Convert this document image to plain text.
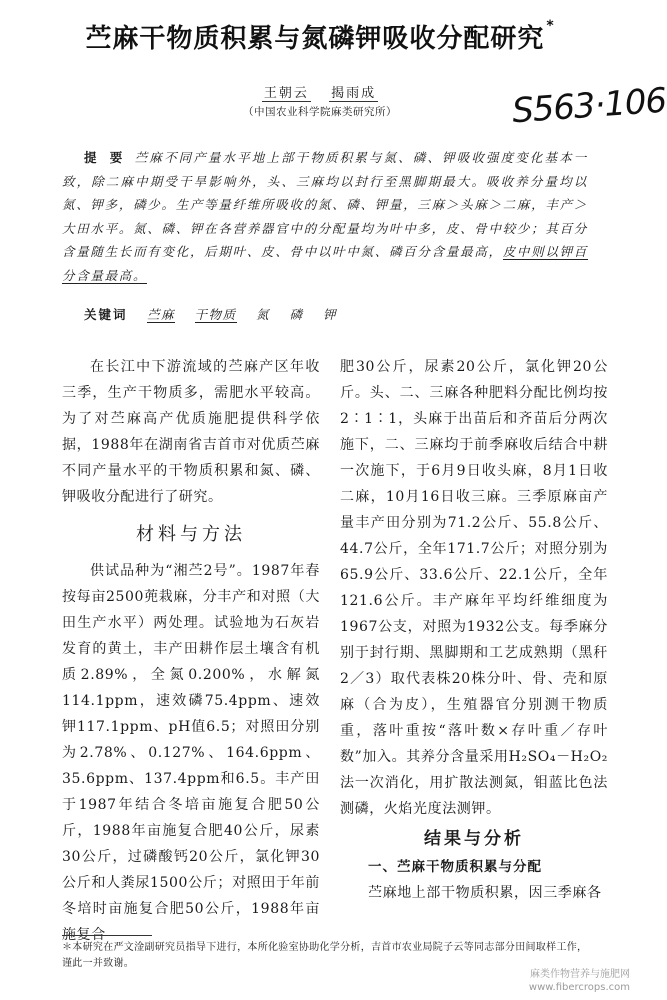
苎麻干物质积累与氮磷钾吸收分配研究 *
王朝云 揭雨成
（中国农业科学院麻类研究所）	S563·106
提 要 苎麻不同产量水平地上部干物质积累与氮、磷、钾吸收强度变化基本一致，除二麻中期受干旱影响外，头、三麻均以封行至黑脚期最大。吸收养分量均以氮、钾多，磷少。生产等量纤维所吸收的氮、磷、钾量，三麻＞头麻＞二麻，丰产＞大田水平。氮、磷、钾在各营养器官中的分配量均为叶中多，皮、骨中较少；其百分含量随生长而有变化，后期叶、皮、骨中以叶中氮、磷百分含量最高，皮中则以钾百分含量最高。
关键词 苎麻 干物质 氮 磷 钾

在长江中下游流域的苎麻产区年收三季，生产干物质多，需肥水平较高。为了对苎麻高产优质施肥提供科学依据，1988年在湖南省吉首市对优质苎麻不同产量水平的干物质积累和氮、磷、钾吸收分配进行了研究。

材料与方法

供试品种为“湘苎2号”。1987年春按每亩2500蔸栽麻，分丰产和对照（大田生产水平）两处理。试验地为石灰岩发育的黄土，丰产田耕作层土壤含有机质2.89%，全氮0.200%，水解氮114.1ppm，速效磷75.4ppm、速效钾117.1ppm、pH值6.5；对照田分别为2.78%、0.127%、164.6ppm、35.6ppm、137.4ppm和6.5。丰产田于1987年结合冬培亩施复合肥50公斤，1988年亩施复合肥40公斤，尿素30公斤，过磷酸钙20公斤，氯化钾30公斤和人粪尿1500公斤；对照田于年前冬培时亩施复合肥50公斤，1988年亩施复合

肥30公斤，尿素20公斤，氯化钾20公斤。头、二、三麻各种肥料分配比例均按2∶1∶1，头麻于出苗后和齐苗后分两次施下，二、三麻均于前季麻收后结合中耕一次施下，于6月9日收头麻，8月1日收二麻，10月16日收三麻。三季原麻亩产量丰产田分别为71.2公斤、55.8公斤、44.7公斤，全年171.7公斤；对照分别为65.9公斤、33.6公斤、22.1公斤，全年121.6公斤。丰产麻年平均纤维细度为1967公支，对照为1932公支。每季麻分别于封行期、黑脚期和工艺成熟期（黑秆2／3）取代表株20株分叶、骨、壳和原麻（合为皮），生殖器官分别测干物质重，落叶重按“落叶数×存叶重／存叶数”加入。其养分含量采用H₂SO₄－H₂O₂法一次消化，用扩散法测氮，钼蓝比色法测磷，火焰光度法测钾。

结果与分析
一、苎麻干物质积累与分配

苎麻地上部干物质积累，因三季麻各

＊本研究在严文淦副研究员指导下进行，本所化验室协助化学分析，吉首市农业局院子云等同志部分田间取样工作，
谨此一并致谢。
麻类作物营养与施肥网
www.fibercrops.com
